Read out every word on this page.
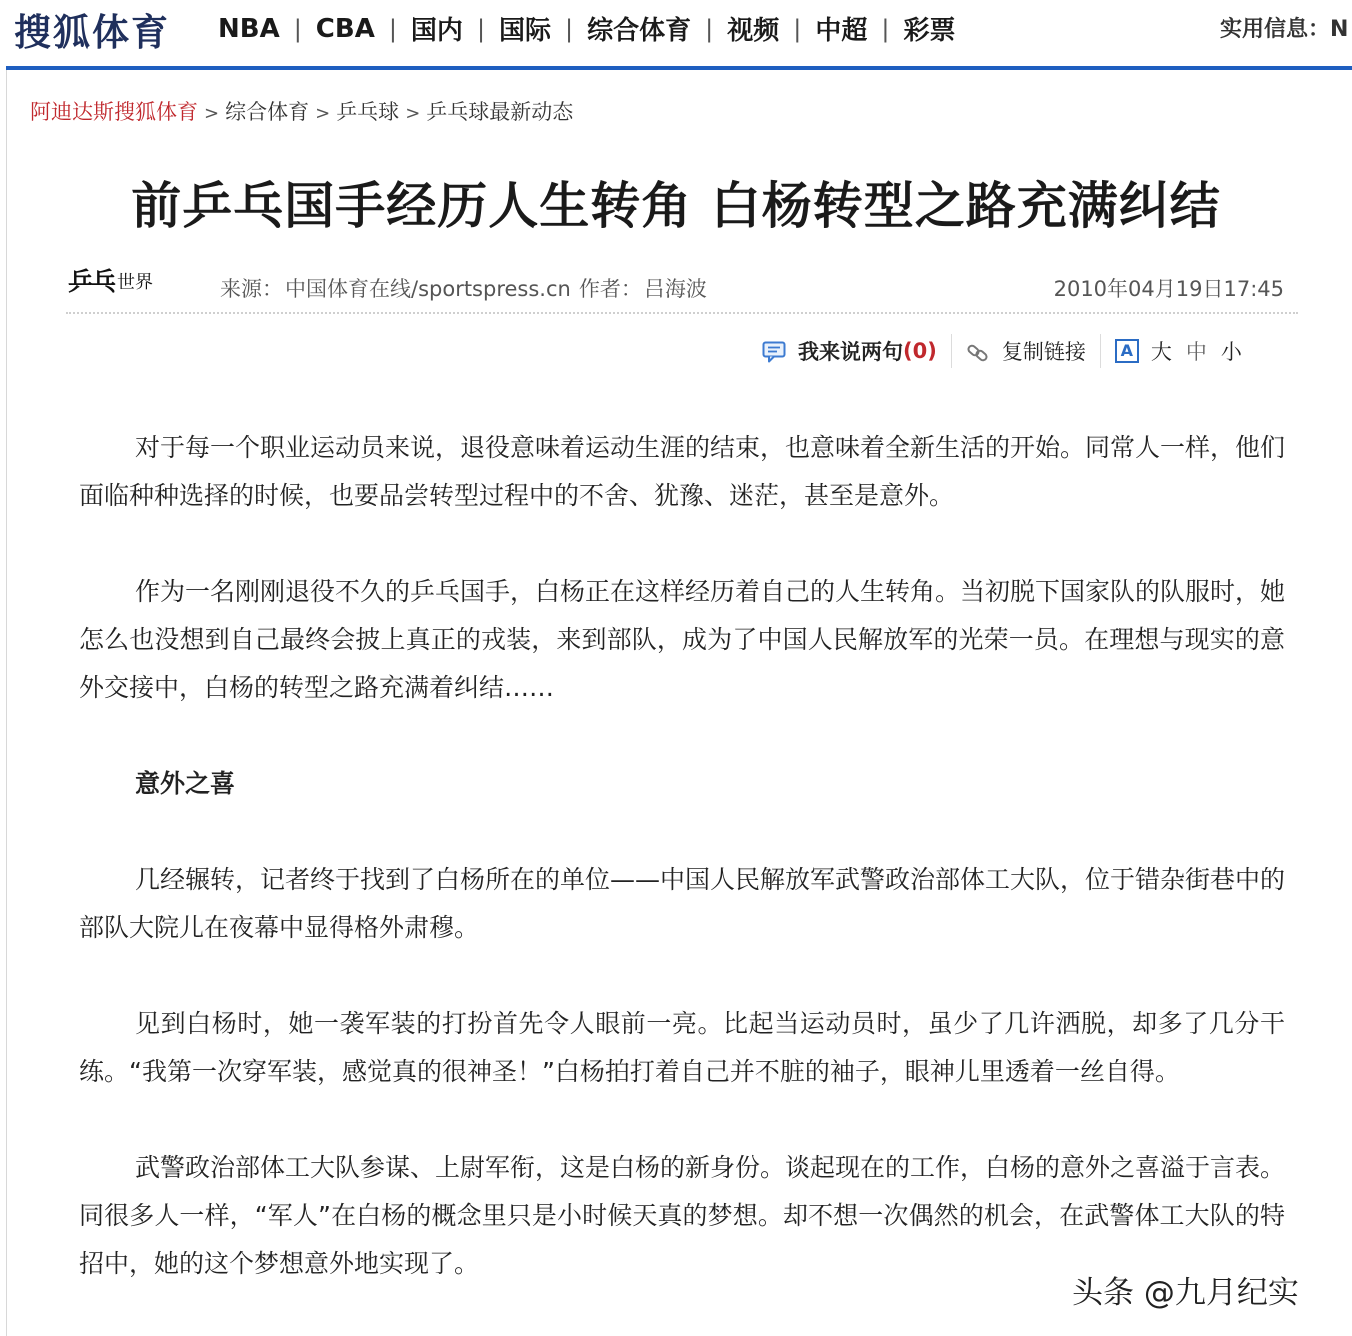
搜狐体育 NBA | CBA | 国内 | 国际 | 综合体育 | 视频 | 中超 | 彩票	实用信息：N
阿迪达斯搜狐体育 > 综合体育 > 乒乓球 > 乒乓球最新动态
前乒乓国手经历人生转角 白杨转型之路充满纠结
乒乓 世界	来源：中国体育在线/sportspress.cn 作者：吕海波	2010年04月19日17:45
我来说两句 ( 0 )	复制链接	A 大 中 小

对于每一个职业运动员来说，退役意味着运动生涯的结束，也意味着全新生活的开始。同常人一样，他们面临种种选择的时候，也要品尝转型过程中的不舍、犹豫、迷茫，甚至是意外。

作为一名刚刚退役不久的乒乓国手，白杨正在这样经历着自己的人生转角。当初脱下国家队的队服时，她怎么也没想到自己最终会披上真正的戎装，来到部队，成为了中国人民解放军的光荣一员。在理想与现实的意外交接中，白杨的转型之路充满着纠结……

意外之喜

几经辗转，记者终于找到了白杨所在的单位——中国人民解放军武警政治部体工大队，位于错杂街巷中的部队大院儿在夜幕中显得格外肃穆。

见到白杨时，她一袭军装的打扮首先令人眼前一亮。比起当运动员时，虽少了几许洒脱，却多了几分干练。“我第一次穿军装，感觉真的很神圣！”白杨拍打着自己并不脏的袖子，眼神儿里透着一丝自得。

武警政治部体工大队参谋、上尉军衔，这是白杨的新身份。谈起现在的工作，白杨的意外之喜溢于言表。同很多人一样，“军人”在白杨的概念里只是小时候天真的梦想。却不想一次偶然的机会，在武警体工大队的特招中，她的这个梦想意外地实现了。

头条 @九月纪实
